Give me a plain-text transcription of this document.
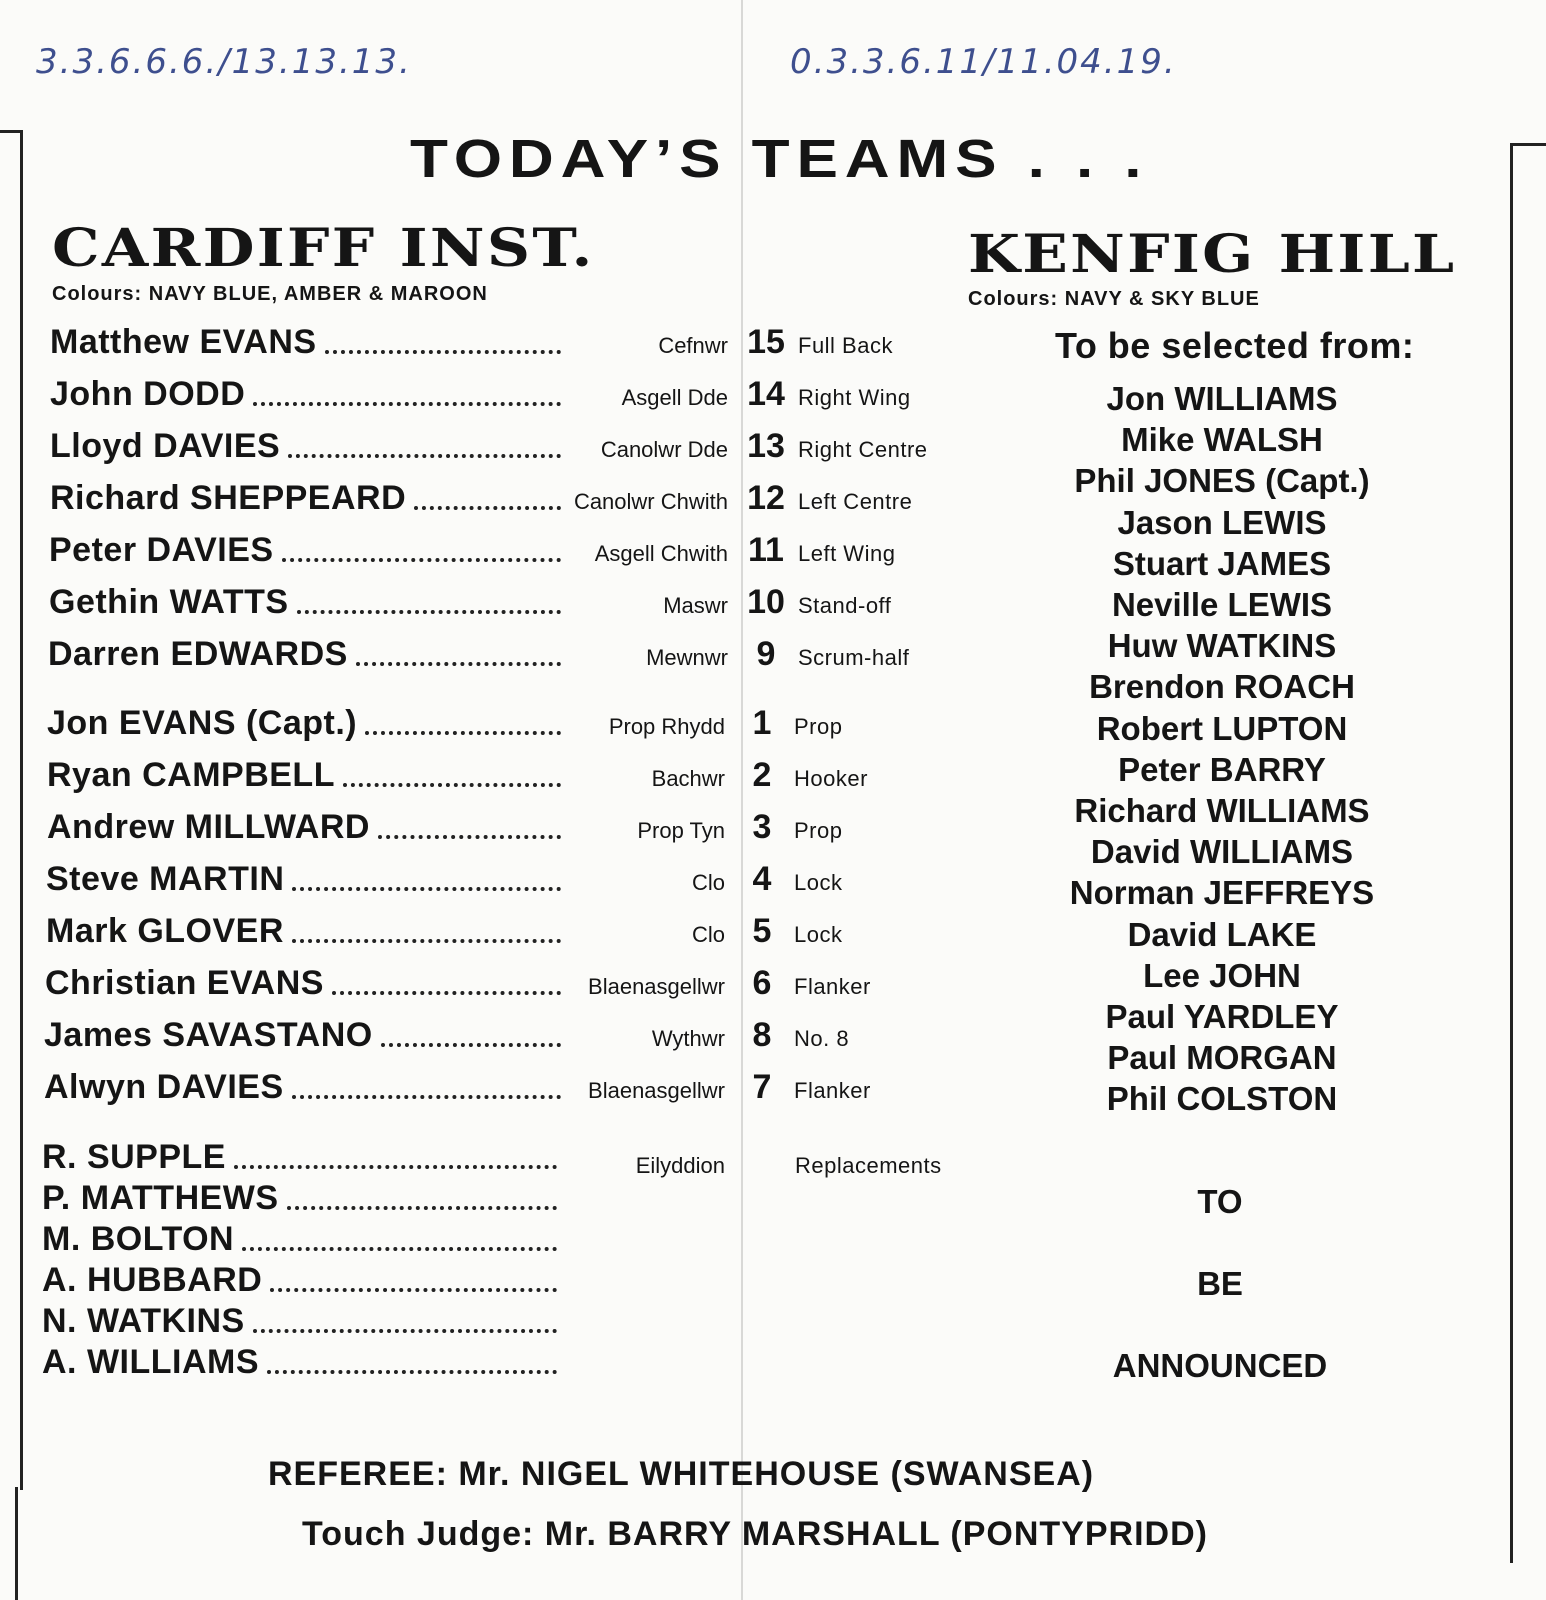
3.3.6.6.6./13.13.13.	0.3.3.6.11/11.04.19.
TODAY’S TEAMS . . .
CARDIFF INST.
Colours: NAVY BLUE, AMBER & MAROON
KENFIG HILL
Colours: NAVY & SKY BLUE
To be selected from:
Matthew EVANS	Cefnwr 15 Full Back
John DODD	Asgell Dde 14 Right Wing
Lloyd DAVIES	Canolwr Dde 13 Right Centre
Richard SHEPPEARD	Canolwr Chwith 12 Left Centre
Peter DAVIES	Asgell Chwith 11 Left Wing
Gethin WATTS	Maswr 10 Stand-off
Darren EDWARDS	Mewnwr 9	Scrum-half
Jon EVANS (Capt.)	Prop Rhydd 1	Prop
Ryan CAMPBELL	Bachwr 2	Hooker
Andrew MILLWARD	Prop Tyn 3	Prop
Steve MARTIN	Clo 4	Lock
Mark GLOVER	Clo 5	Lock
Christian EVANS	Blaenasgellwr 6	Flanker
James SAVASTANO	Wythwr 8	No. 8
Alwyn DAVIES	Blaenasgellwr 7	Flanker
Eilyddion	Replacements
R. SUPPLE
P. MATTHEWS
M. BOLTON
A. HUBBARD
N. WATKINS
A. WILLIAMS
Jon WILLIAMS
Mike WALSH
Phil JONES (Capt.)
Jason LEWIS
Stuart JAMES
Neville LEWIS
Huw WATKINS
Brendon ROACH
Robert LUPTON
Peter BARRY
Richard WILLIAMS
David WILLIAMS
Norman JEFFREYS
David LAKE
Lee JOHN
Paul YARDLEY
Paul MORGAN
Phil COLSTON
TO
BE
ANNOUNCED
REFEREE: Mr. NIGEL WHITEHOUSE (SWANSEA)
Touch Judge: Mr. BARRY MARSHALL (PONTYPRIDD)
